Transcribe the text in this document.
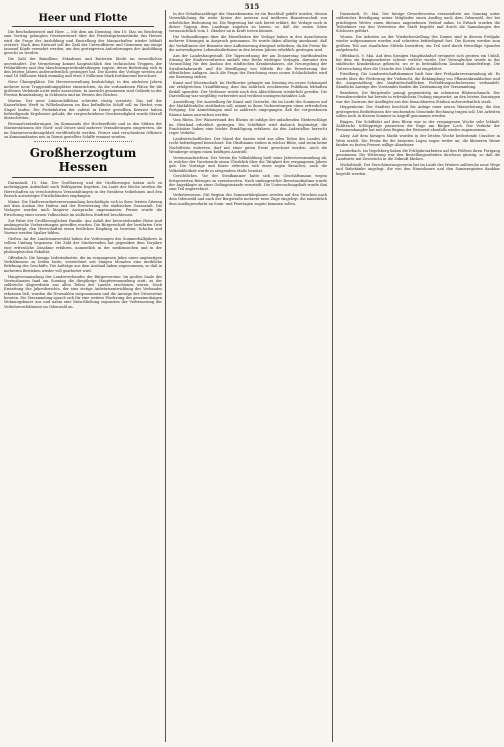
515
Heer und Flotte

Die Reichsdienstzeit und Heer. — Mit dem am Dienstag, den 10. Mai, im Reichstag zum Vortrag gelangten Gesetzentwurf über die Friedenspräsenzstärke des Heeres wird die Frage der Ausbildung und Einstellung der Mannschaften wieder lebhaft erörtert. Nach dem Entwurf soll die Zahl der Unteroffiziere und Gemeinen um einige tausend Köpfe vermehrt werden, um den gesteigerten Anforderungen der Ausbildung gerecht zu werden.

Die Zahl der Bataillone, Eskadrons und Batterien bleibt im wesentlichen unverändert. Die Vermehrung kommt hauptsächlich den technischen Truppen, der Feldartillerie und den Maschinengewehrabteilungen zugute, deren Bedeutung sich in den letzten Jahren außerordentlich gesteigert hat. Die Kosten der Vorlage werden auf rund 18 Millionen Mark einmalig und etwa 9 Millionen Mark fortdauernd berechnet.

Neue Übungsplätze. Die Heeresverwaltung beabsichtigt, in den nächsten Jahren mehrere neue Truppenübungsplätze einzurichten, da die vorhandenen Plätze für die größeren Verbände nicht mehr ausreichen. In Aussicht genommen sind Gelände in der Provinz Brandenburg, in Schlesien und im Westen des Reiches.

Marine. Der neue Linienschiffsbau schreitet rüstig vorwärts. Das auf der Kaiserlichen Werft in Wilhelmshaven im Bau befindliche Schiff soll im Herbst vom Stapel laufen. Die Probefahrten der zuletzt in Dienst gestellten Kreuzer haben befriedigende Ergebnisse gehabt; die vorgeschriebene Geschwindigkeit wurde überall überschritten.

Personalveränderungen. Im Kommando der Hochseeflotte und in den Stäben der Marinestationen der Nord- und Ostsee sind mehrere Veränderungen eingetreten, die im Marineverordnungsblatt veröffentlicht werden. Ferner sind verschiedene Offiziere zu Kommandanten neu in Dienst gestellter Schiffe ernannt worden.

Großherzogtum Hessen

Darmstadt, 10. Mai. Der Großherzog und die Großherzogin haben sich zu mehrtägigem Aufenthalt nach Wolfsgarten begeben. Im Laufe der Woche werden die Herrschaften an verschiedenen Veranstaltungen in der Residenz teilnehmen und den Besuch auswärtiger Fürstlichkeiten empfangen.

Mainz. Die Stadtverordnetenversammlung beschäftigte sich in ihrer letzten Sitzung mit dem Ausbau des Hafens und der Erweiterung der städtischen Gasanstalt. Die Vorlagen wurden nach längerer Aussprache angenommen. Ferner wurde die Errichtung einer neuen Volksschule im südlichen Stadtteil beschlossen.

Zur Fahrt der Großherzoglichen Familie. Aus Anlaß der bevorstehenden Reise sind umfangreiche Vorbereitungen getroffen worden. Die Bürgerschaft der berührten Orte beabsichtigt, den Herrschaften einen festlichen Empfang zu bereiten; Schulen und Vereine werden Spalier bilden.

Gießen. An der Landesuniversität haben die Vorlesungen des Sommerhalbjahres in vollem Umfang begonnen. Die Zahl der Studierenden hat gegenüber dem Vorjahre eine erfreuliche Zunahme erfahren, namentlich in der medizinischen und in der philosophischen Fakultät.

Offenbach. Die hiesige Lederindustrie, die im vergangenen Jahre unter ungünstigen Verhältnissen zu leiden hatte, verzeichnet seit einigen Monaten eine merkliche Belebung des Geschäfts. Die Aufträge aus dem Ausland haben zugenommen, so daß in mehreren Betrieben wieder voll gearbeitet wird.

Hauptversammlung des Landesverbandes der Bürgervereine. Im großen Saale des Vereinshauses fand am Sonntag die diesjährige Hauptversammlung statt, zu der zahlreiche Abgeordnete aus allen Teilen des Landes erschienen waren. Nach Erstattung des Jahresberichts, der eine stetige Aufwärtsentwicklung des Verbandes erkennen ließ, wurden die Neuwahlen vorgenommen und die Anträge der Ortsvereine beraten. Die Versammlung sprach sich für eine weitere Förderung des gemeinnützigen Wohnungsbaues aus und nahm eine Entschließung zugunsten der Verbesserung der Verkehrsverhältnisse im Odenwald an.

In der Gehaltsnachfrage der Staatsbeamten ist ein Beschluß gefaßt worden, dessen Verwirklichung für weite Kreise der unteren und mittleren Beamtenschaft von erheblicher Bedeutung ist. Die Regierung hat sich bereit erklärt, die Vorlage noch in dieser Tagung dem Landtage zugehen zu lassen, so daß die neuen Sätze voraussichtlich vom 1. Oktober an in Kraft treten können.

Die Verhandlungen über die Einzelheiten der Vorlage haben in den Ausschüssen mehrere Sitzungen in Anspruch genommen. Es wurde dabei allseitig anerkannt, daß die Verhältnisse der Beamten eine Aufbesserung dringend erfordern, da die Preise für die notwendigsten Lebensbedürfnisse in den letzten Jahren erheblich gestiegen sind.

Aus der Landeshauptstadt. Die Tagesordnung der am Donnerstag stattfindenden Sitzung der Stadtverordneten umfaßt eine Reihe wichtiger Vorlagen, darunter den Voranschlag für den Ausbau des städtischen Krankenhauses, die Neuregelung der Straßenbahntarife und die Bewilligung von Mitteln für die Erweiterung der öffentlichen Anlagen. Auch die Frage der Errichtung eines neuen Schlachthofes wird zur Beratung stehen.

Kunst und Wissenschaft. Im Hoftheater gelangte am Sonntag ein neues Schauspiel zur erfolgreichen Uraufführung, dem das zahlreich erschienene Publikum lebhaften Beifall spendete. Der Verfasser wurde nach den Aktschlüssen wiederholt gerufen. Die Darstellung war sorgfältig vorbereitet und verdient uneingeschränktes Lob.

Ausstellung. Die Ausstellung für Kunst und Gewerbe, die im Laufe des Sommers auf der Mathildenhöhe stattfinden soll, nimmt in ihren Vorbereitungen einen erfreulichen Fortgang. Die Anmeldungen sind so zahlreich eingegangen, daß die vorgesehenen Räume kaum ausreichen werden.

Vom Rhein. Der Wasserstand des Rheins ist infolge der anhaltenden Niederschläge im Oberland erheblich gestiegen. Die Schiffahrt wird dadurch begünstigt; die Frachtsätze haben eine leichte Ermäßigung erfahren. An den Ladestellen herrscht reger Verkehr.

Landwirtschaftliches. Der Stand der Saaten wird aus allen Teilen des Landes als recht befriedigend bezeichnet. Die Obstbäume stehen in reicher Blüte, und wenn keine Nachtfröste eintreten, darf mit einer guten Ernte gerechnet werden. Auch die Weinberge zeigen einen kräftigen Austrieb.

Vereinsnachrichten. Der Verein für Volksbildung hielt seine Jahresversammlung ab, in welcher der Vorsitzende einen Überblick über die Tätigkeit des vergangenen Jahres gab. Die Vorträge und Kurse erfreuten sich eines regen Besuches; auch die Volksbibliothek wurde in steigendem Maße benutzt.

Gerichtliches. Vor der Strafkammer hatte sich ein Geschäftsmann wegen fortgesetzten Betruges zu verantworten. Nach umfangreicher Beweisaufnahme wurde der Angeklagte zu einer Gefängnisstrafe verurteilt. Die Untersuchungshaft wurde ihm zum Teil angerechnet.

Verkehrswesen. Mit Beginn des Sommerfahrplanes werden auf den Strecken nach dem Odenwald und nach der Bergstraße mehrere neue Züge eingelegt, die namentlich dem Ausflugsverkehr an Sonn- und Feiertagen zugute kommen sollen.

Darmstadt, 10. Mai. Der hiesige Gewerbeverein veranstaltete am Sonntag unter zahlreicher Beteiligung seiner Mitglieder einen Ausflug nach dem Odenwald, der bei prächtigem Wetter einen überaus angenehmen Verlauf nahm. In Erbach wurden die Teilnehmer von den Vertretern der Stadt begrüßt und durch die Sammlungen des Schlosses geführt.

Worms. Die Arbeiten an der Wiederherstellung des Domes sind in diesem Frühjahr wieder aufgenommen worden und schreiten befriedigend fort. Die Kosten werden zum größten Teil aus staatlichen Mitteln bestritten; ein Teil wird durch freiwillige Spenden aufgebracht.

Offenbach, 9. Mai. Auf dem hiesigen Hauptbahnhof ereignete sich gestern ein Unfall, bei dem ein Rangierarbeiter schwer verletzt wurde. Der Verunglückte wurde in das städtische Krankenhaus gebracht, wo er in bedenklichem Zustand daniederliegt. Die Untersuchung über die Ursache des Unfalls ist eingeleitet.

Friedberg. Die Landwirtschaftskammer hielt hier ihre Frühjahrsversammlung ab. Es wurde über die Förderung der Viehzucht, die Bekämpfung von Pflanzenkrankheiten und die Ausgestaltung des landwirtschaftlichen Fortbildungsschulwesens verhandelt. Sämtliche Anträge des Vorstandes fanden die Zustimmung der Versammlung.

Bensheim. Die Bergstraße prangt gegenwärtig im schönsten Blütenschmuck. Der Fremdenverkehr hat bereits in erfreulichem Umfang eingesetzt; an den letzten Sonntagen war der Zustrom der Ausflügler aus den benachbarten Städten außerordentlich stark.

Heppenheim. Der Stadtrat beschloß die Anlage einer neuen Wasserleitung, die den gesteigerten Bedürfnissen der wachsenden Gemeinde Rechnung tragen soll. Die Arbeiten sollen noch in diesem Sommer in Angriff genommen werden.

Bingen. Die Schiffahrt auf dem Rhein war in der vergangenen Woche sehr lebhaft. Zahlreiche Schleppzüge passierten die Enge am Binger Loch. Der Verkehr der Personendampfer hat mit dem Beginn der Reisezeit ebenfalls wieder zugenommen.

Alzey. Auf dem hiesigen Markt wurden in der letzten Woche bedeutende Umsätze in Wein erzielt. Die Preise für die besseren Lagen zogen weiter an; die kleineren Weine fanden zu festen Preisen willige Abnehmer.

Lauterbach. Im Vogelsberg haben die Frühjahrsarbeiten auf den Feldern ihren Fortgang genommen. Die Witterung war den Bestellungsarbeiten durchaus günstig, so daß die Landwirte mit Zuversicht in die Zukunft blicken.

Michelstadt. Der Verschönerungsverein hat im Laufe des Winters zahlreiche neue Wege und Ruhebänke angelegt, die von den Einwohnern und den Sommergästen dankbar begrüßt werden.
